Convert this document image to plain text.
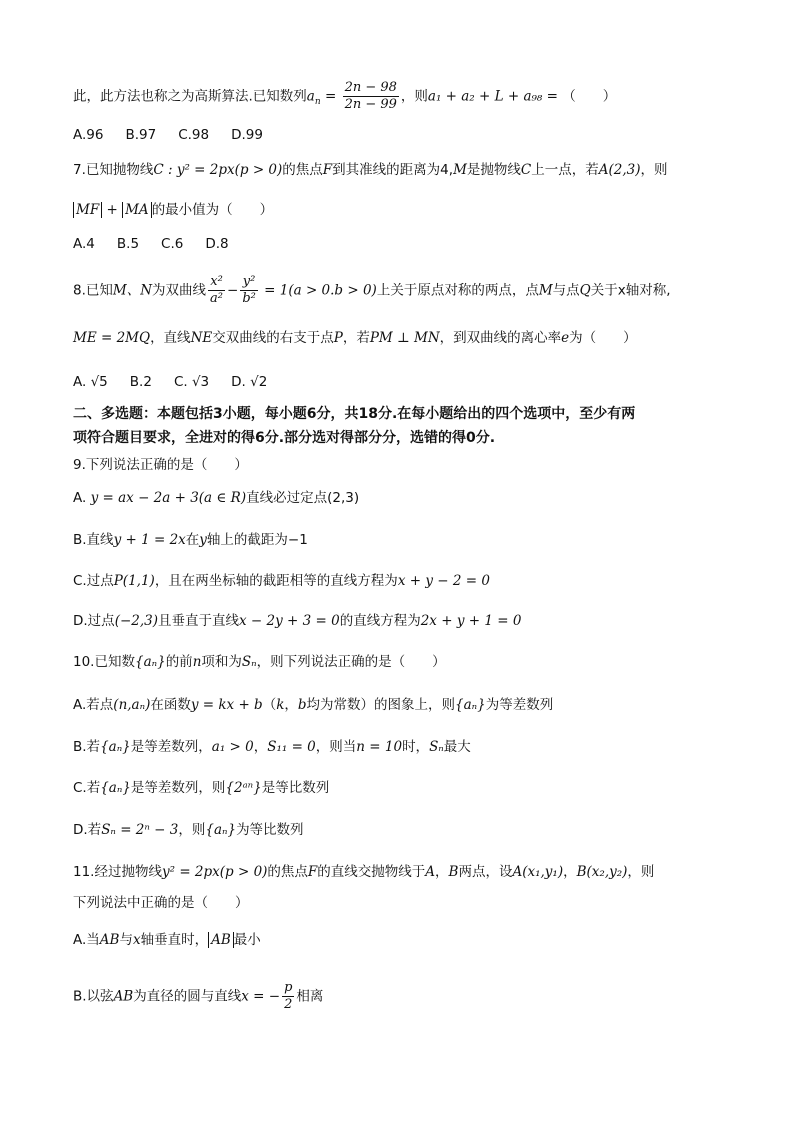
此，此方法也称之为高斯算法.已知数列$a_n = \frac{2n - 98}{2n - 99}$ ，则a₁ + a₂ + L + a₉₈ = （　　）
A.96 B.97 C.98 D.99
7.已知抛物线C : y² = 2px(p > 0)的焦点F到其准线的距离为4,M是抛物线C上一点，若A(2,3)，则
MF + MA 的最小值为（　　）
A.4 B.5 C.6 D.8
8.已知M、N为双曲线 $\frac{\text{x²}}{\text{a²}} - \frac{\text{y²}}{\text{b²}} = 1(a > 0.b > 0)$上关于原点对称的两点，点M与点Q关于x轴对称,
ME = 2MQ，直线NE交双曲线的右支于点P，若PM ⊥ MN，到双曲线的离心率e为（　　）
A. √5 B.2 C. √3 D. √2
二、多选题：本题包括3小题，每小题6分，共18分.在每小题给出的四个选项中，至少有两
项符合题目要求，全进对的得6分.部分选对得部分分，选错的得0分.
9.下列说法正确的是（　　）
A. y = ax − 2a + 3(a ∈ R)直线必过定点(2,3)
B.直线y + 1 = 2x在y轴上的截距为−1
C.过点P(1,1)，且在两坐标轴的截距相等的直线方程为x + y − 2 = 0
D.过点(−2,3)且垂直于直线x − 2y + 3 = 0的直线方程为2x + y + 1 = 0
10.已知数{aₙ}的前n项和为Sₙ，则下列说法正确的是（　　）
A.若点(n,aₙ)在函数y = kx + b（k，b均为常数）的图象上，则{aₙ}为等差数列
B.若{aₙ}是等差数列，a₁ > 0，S₁₁ = 0，则当n = 10时，Sₙ最大
C.若{aₙ}是等差数列，则{2ᵃⁿ}是等比数列
D.若Sₙ = 2ⁿ − 3，则{aₙ}为等比数列
11.经过抛物线y² = 2px(p > 0)的焦点F的直线交抛物线于A，B两点，设A(x₁,y₁)，B(x₂,y₂)，则
下列说法中正确的是（　　）
A.当AB与x轴垂直时， AB 最小
B.以弦AB为直径的圆与直线x = − $\frac{p}{2}$ 相离
